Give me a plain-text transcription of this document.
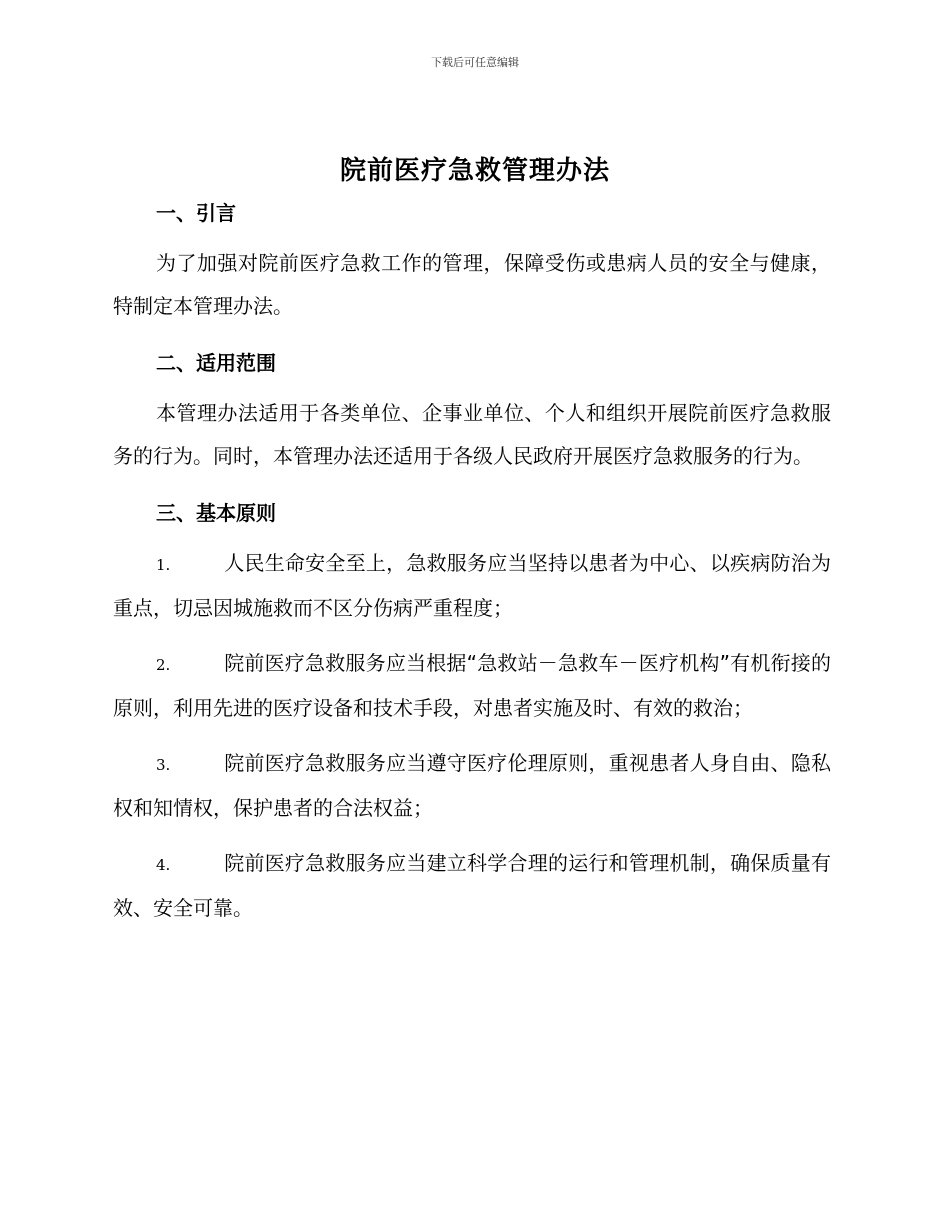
下载后可任意编辑
院前医疗急救管理办法
一、引言

为了加强对院前医疗急救工作的管理，保障受伤或患病人员的安全与健康，特制定本管理办法。

二、适用范围

本管理办法适用于各类单位、企事业单位、个人和组织开展院前医疗急救服务的行为。同时，本管理办法还适用于各级人民政府开展医疗急救服务的行为。

三、基本原则

1.	人民生命安全至上，急救服务应当坚持以患者为中心、以疾病防治为重点，切忌因城施救而不区分伤病严重程度；

2.	院前医疗急救服务应当根据“急救站－急救车－医疗机构”有机衔接的原则，利用先进的医疗设备和技术手段，对患者实施及时、有效的救治；

3.	院前医疗急救服务应当遵守医疗伦理原则，重视患者人身自由、隐私权和知情权，保护患者的合法权益；

4.	院前医疗急救服务应当建立科学合理的运行和管理机制，确保质量有效、安全可靠。
